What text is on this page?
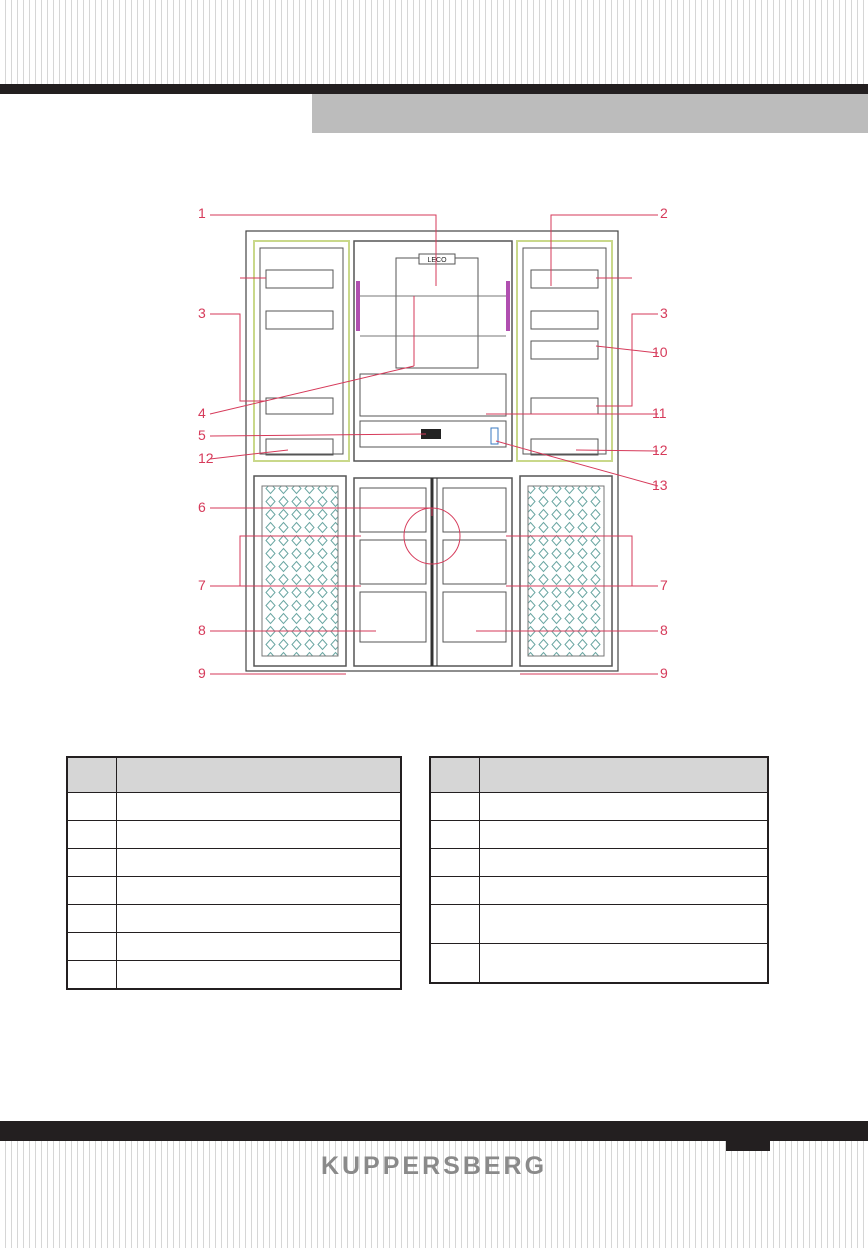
LECO
1
3
4
5
12
6
7
8
9
2
3
10
11
12
13
7
8
9

KUPPERSBERG
